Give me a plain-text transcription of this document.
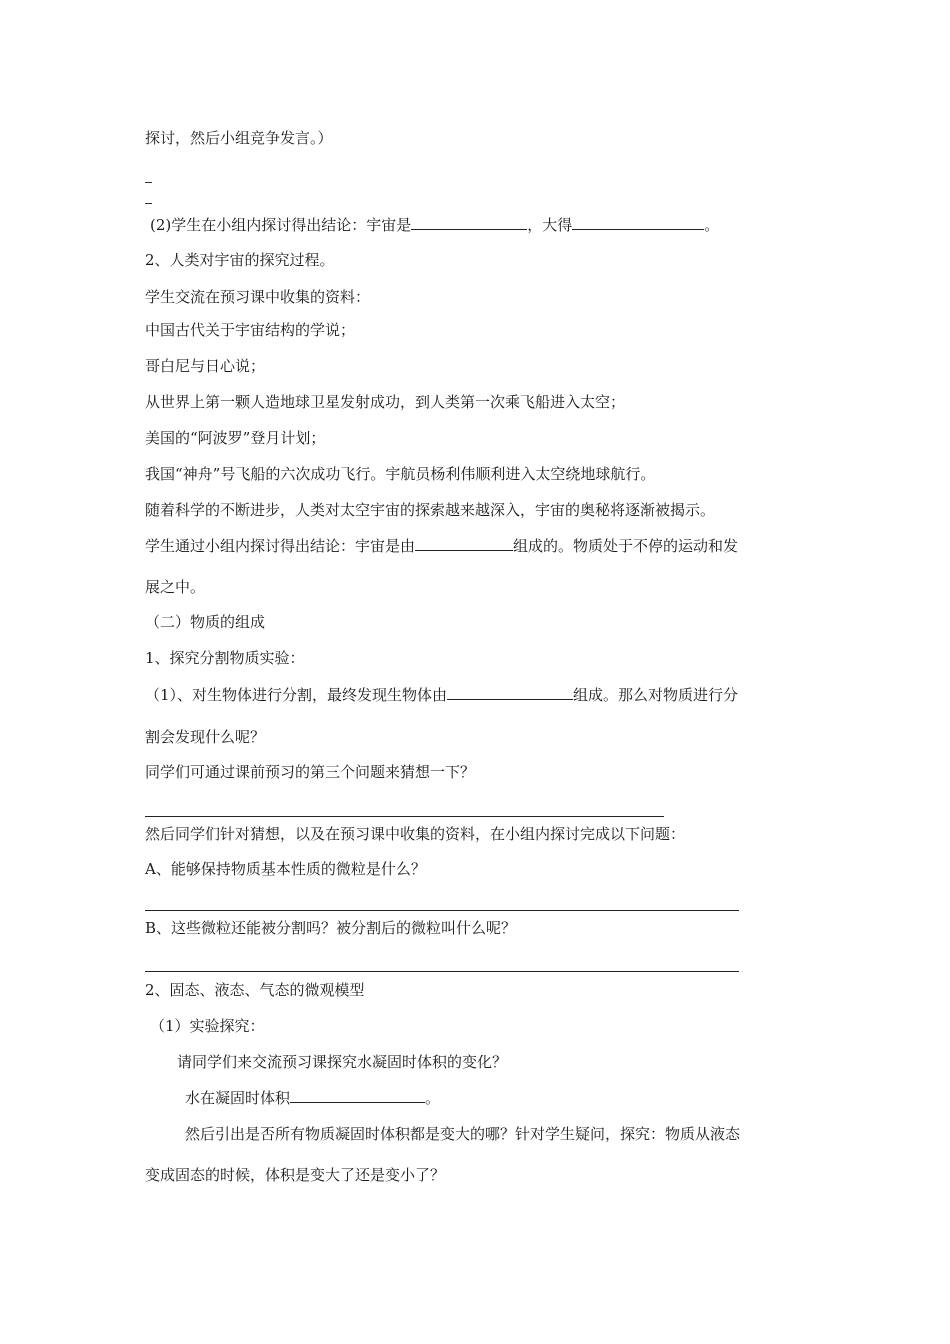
探讨，然后小组竞争发言。）
(2)学生在小组内探讨得出结论：宇宙是	，大得	。
2、人类对宇宙的探究过程。
学生交流在预习课中收集的资料：
中国古代关于宇宙结构的学说；
哥白尼与日心说；
从世界上第一颗人造地球卫星发射成功，到人类第一次乘飞船进入太空；
美国的“阿波罗”登月计划；
我国“神舟”号飞船的六次成功飞行。宇航员杨利伟顺利进入太空绕地球航行。
随着科学的不断进步，人类对太空宇宙的探索越来越深入，宇宙的奥秘将逐渐被揭示。
学生通过小组内探讨得出结论：宇宙是由	组成的。物质处于不停的运动和发
展之中。
（二）物质的组成
1、探究分割物质实验：
（1）、对生物体进行分割，最终发现生物体由	组成。那么对物质进行分
割会发现什么呢？
同学们可通过课前预习的第三个问题来猜想一下？
然后同学们针对猜想，以及在预习课中收集的资料，在小组内探讨完成以下问题：
A、能够保持物质基本性质的微粒是什么？
B、这些微粒还能被分割吗？被分割后的微粒叫什么呢？
2、固态、液态、气态的微观模型
（1）实验探究：
请同学们来交流预习课探究水凝固时体积的变化？
水在凝固时体积	。
然后引出是否所有物质凝固时体积都是变大的哪？针对学生疑问，探究：物质从液态
变成固态的时候，体积是变大了还是变小了？
